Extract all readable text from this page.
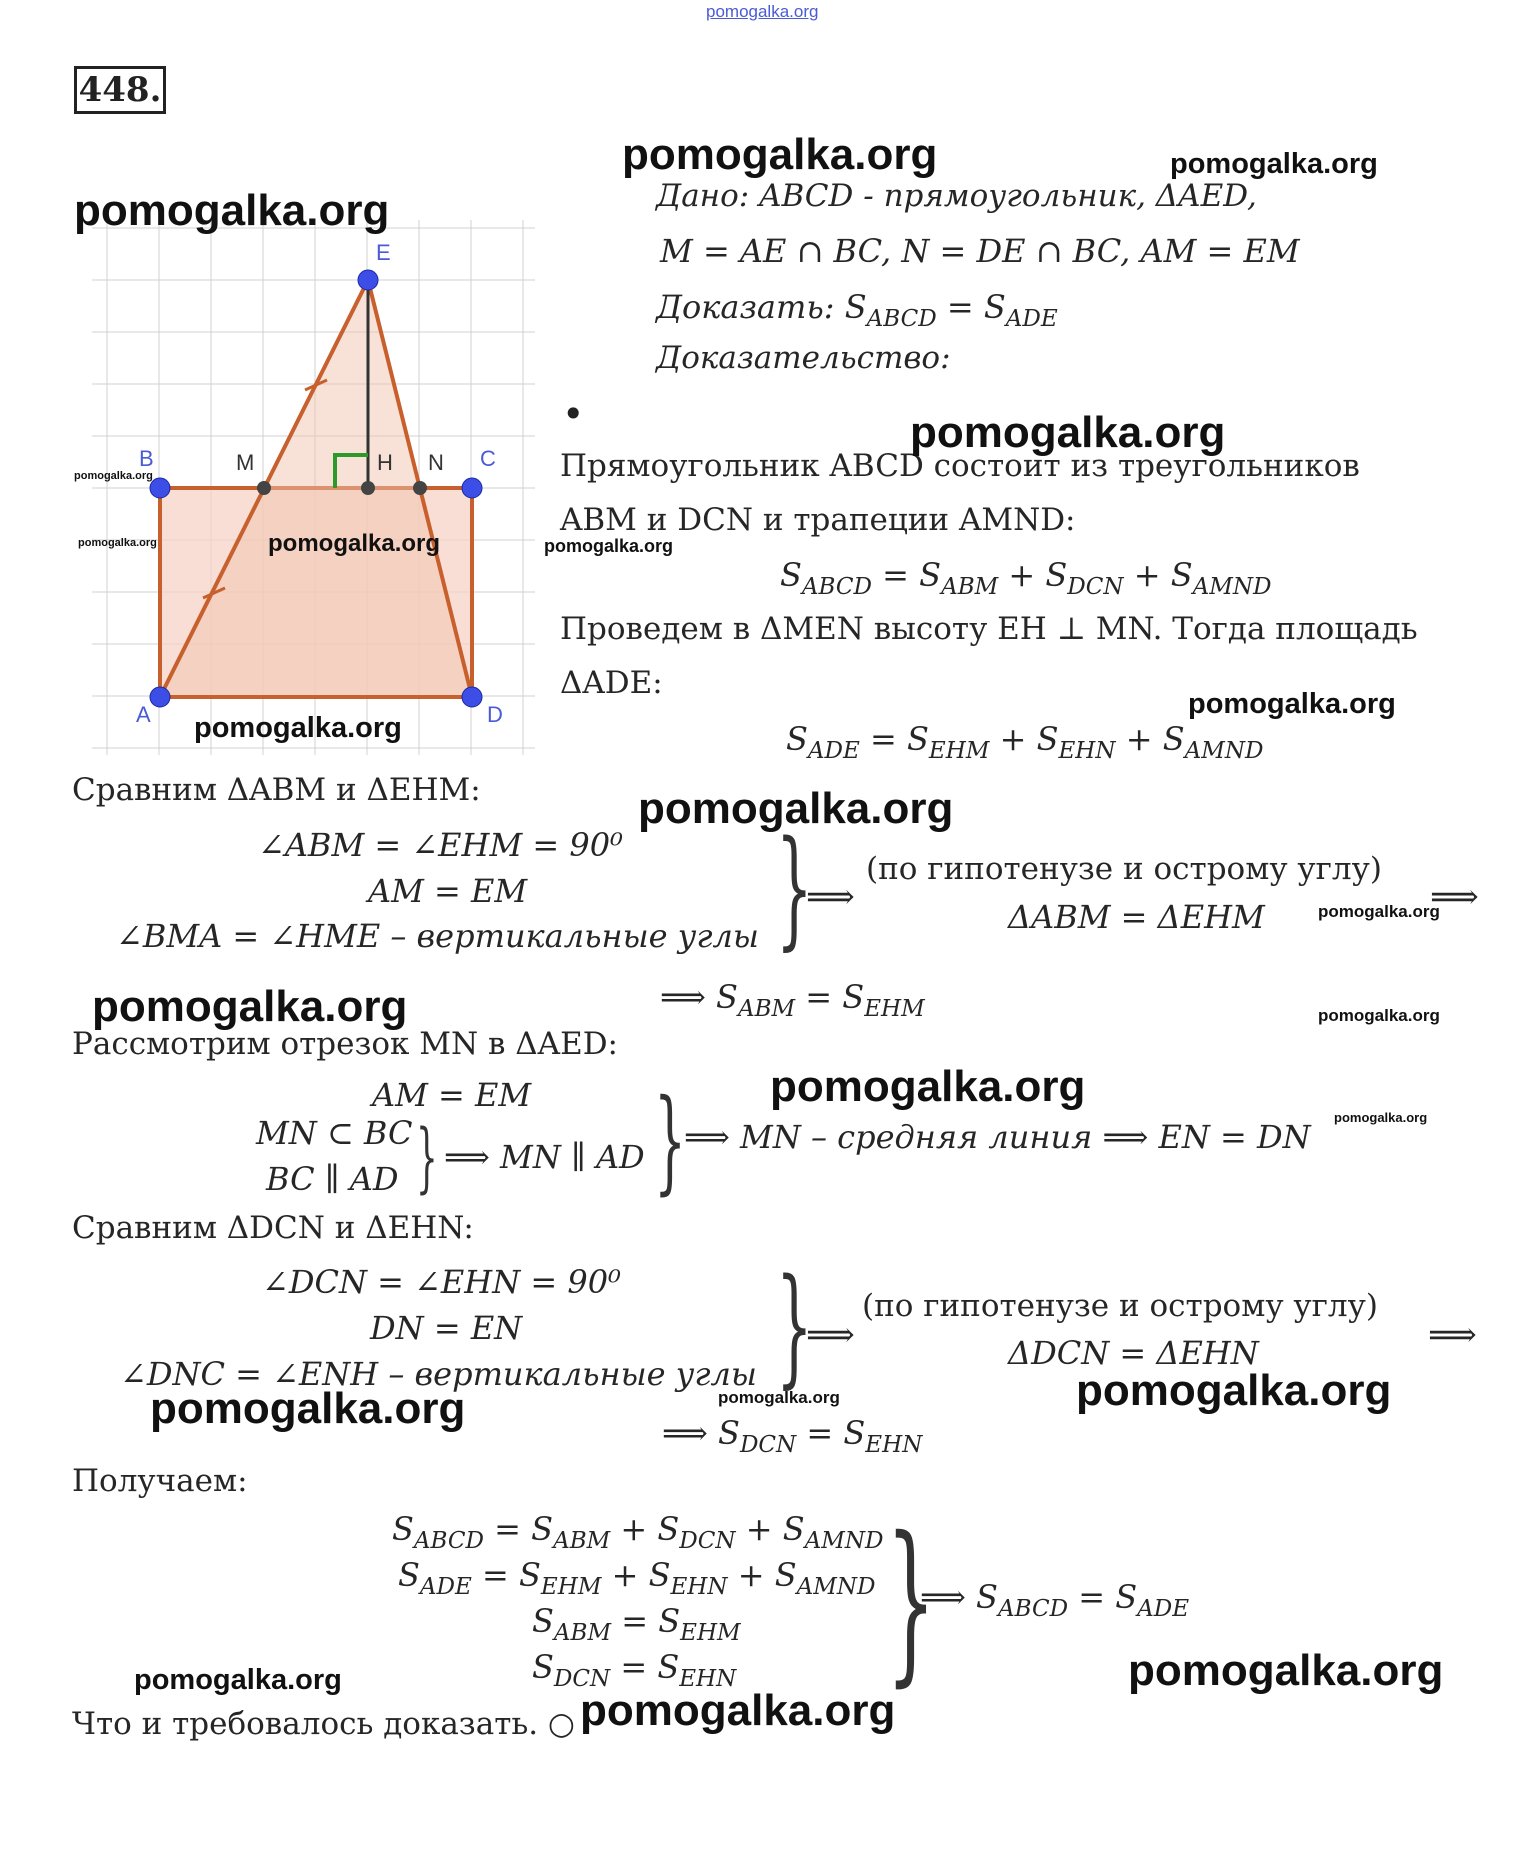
pomogalka.org
448.
A
B	C
D
E
M	H N
Дано: ABCD - прямоугольник, ΔAED,
M = AE ∩ BC, N = DE ∩ BC, AM = EM
Доказать: $S_{ABCD} = S_{ADE}$
Доказательство:
•
Прямоугольник ABCD состоит из треугольников
ABM и DCN и трапеции AMND:
$S_{ABCD} = S_{ABM} + S_{DCN} + S_{AMND}$
Проведем в ΔMEN высоту EH ⊥ MN. Тогда площадь
ΔADE:
$S_{ADE} = S_{EHM} + S_{EHN} + S_{AMND}$
Сравним ΔABM и ΔEHM:
∠ABM = ∠EHM = 90⁰
AM = EM
∠BMA = ∠HME – вертикальные углы }
⟹
(по гипотенузе и острому углу)
ΔABM = ΔEHM	⟹
⟹ $S_{ABM} = S_{EHM}$
Рассмотрим отрезок MN в ΔAED:
AM = EM
MN ⊂ BC
BC ∥ AD } ⟹ MN ∥ AD }
⟹ MN – средняя линия ⟹ EN = DN
Сравним ΔDCN и ΔEHN:
∠DCN = ∠EHN = 90⁰
DN = EN
∠DNC = ∠ENH – вертикальные углы }
⟹
(по гипотенузе и острому углу)
ΔDCN = ΔEHN	⟹
⟹ $S_{DCN} = S_{EHN}$
Получаем:
$S_{ABCD} = S_{ABM} + S_{DCN} + S_{AMND}$
$S_{ADE} = S_{EHM} + S_{EHN} + S_{AMND}$
$S_{ABM} = S_{EHM}$
$S_{DCN} = S_{EHN}$ }
⟹ $S_{ABCD} = S_{ADE}$
Что и требовалось доказать. ○
pomogalka.org	pomogalka.org
pomogalka.org
pomogalka.org
pomogalka.org
pomogalka.org	pomogalka.org	pomogalka.org
pomogalka.org
pomogalka.org
pomogalka.org
pomogalka.org
pomogalka.org	pomogalka.org
pomogalka.org
pomogalka.org
pomogalka.org
pomogalka.org	pomogalka.org
pomogalka.org
pomogalka.org
pomogalka.org
